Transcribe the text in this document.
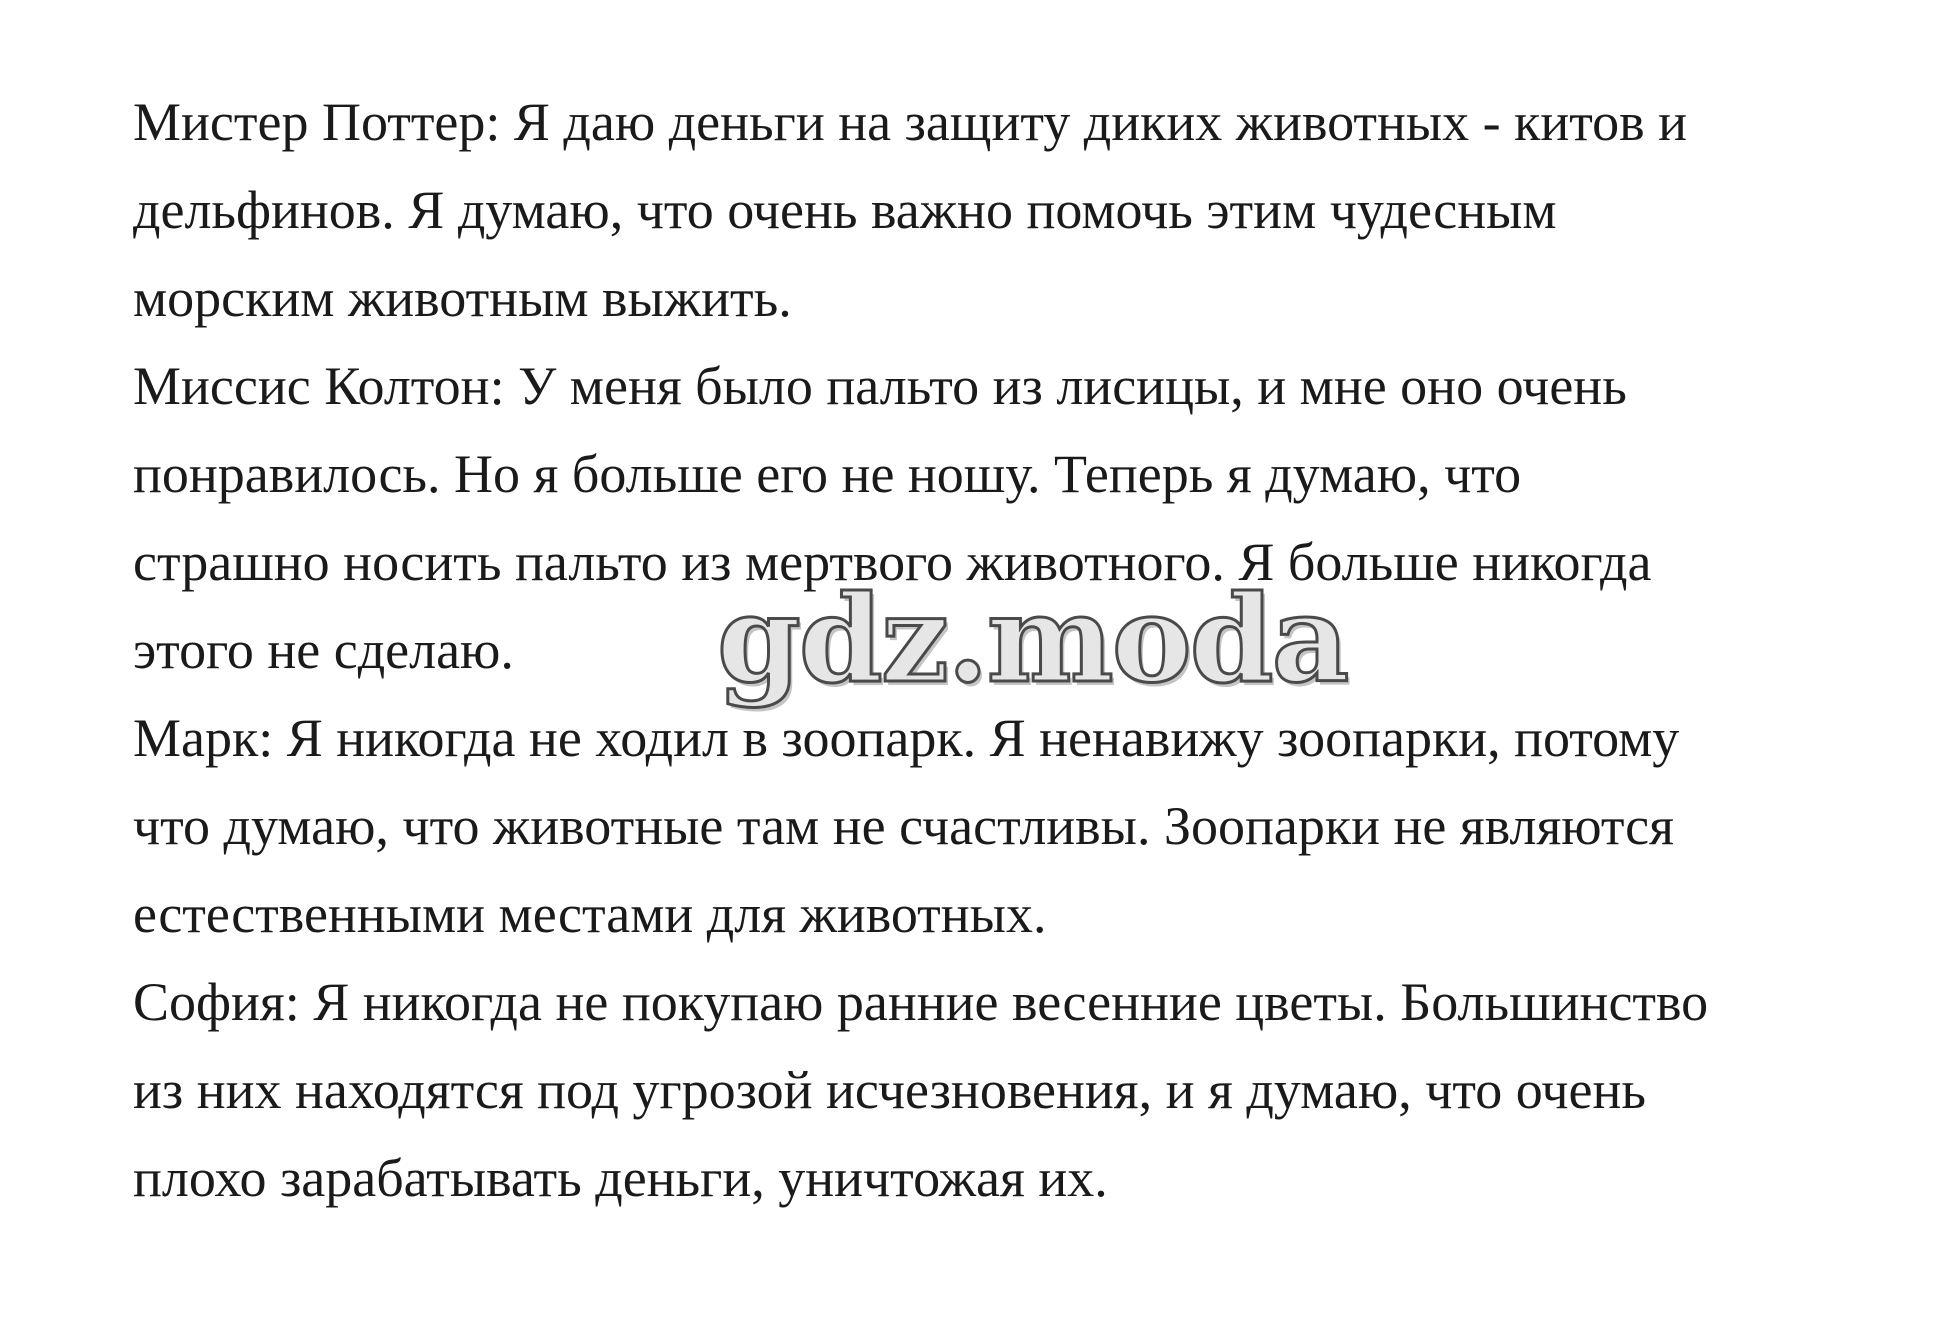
Мистер Поттер: Я даю деньги на защиту диких животных - китов и
дельфинов. Я думаю, что очень важно помочь этим чудесным
морским животным выжить.
Миссис Колтон: У меня было пальто из лисицы, и мне оно очень
понравилось. Но я больше его не ношу. Теперь я думаю, что
страшно носить пальто из мертвого животного. Я больше никогда
этого не сделаю.
Марк: Я никогда не ходил в зоопарк. Я ненавижу зоопарки, потому
что думаю, что животные там не счастливы. Зоопарки не являются
естественными местами для животных.
София: Я никогда не покупаю ранние весенние цветы. Большинство
из них находятся под угрозой исчезновения, и я думаю, что очень
плохо зарабатывать деньги, уничтожая их.
gdz.moda
